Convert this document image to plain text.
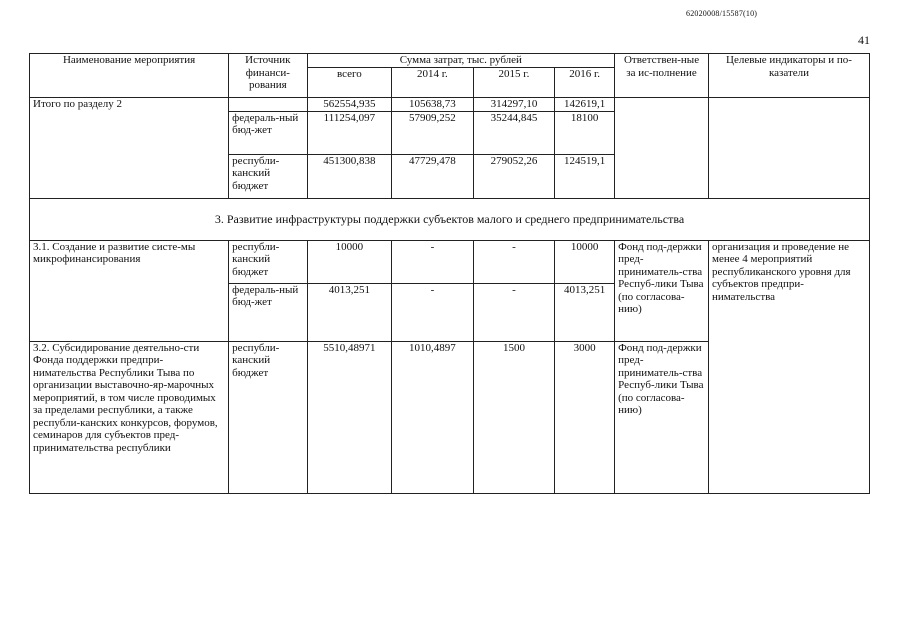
62020008/15587(10)
41
Наименование мероприятия	Источник финанси-рования	Сумма затрат, тыс. рублей				Ответствен-ные за ис-полнение	Целевые индикаторы и по-казатели
		всего	2014 г.	2015 г.	2016 г.		
Итого по разделу 2		562554,935	105638,73	314297,10	142619,1		
	федераль-ный бюд-жет	111254,097	57909,252	35244,845	18100		
	республи-канский бюджет	451300,838	47729,478	279052,26	124519,1		
3. Развитие инфраструктуры поддержки субъектов малого и среднего предпринимательства							
3.1. Создание и развитие систе-мы микрофинансирования	республи-канский бюджет	10000	-	-	10000	Фонд под-держки пред-приниматель-ства Респуб-лики Тыва (по согласова-нию)	организация и проведение не менее 4 мероприятий республиканского уровня для субъектов предпри-нимательства
	федераль-ный бюд-жет	4013,251	-	-	4013,251		
3.2. Субсидирование деятельно-сти Фонда поддержки предпри-нимательства Республики Тыва по организации выставочно-яр-марочных мероприятий, в том числе проводимых за пределами республики, а также республи-канских конкурсов, форумов, семинаров для субъектов пред-принимательства республики	республи-канский бюджет	5510,48971	1010,4897	1500	3000	Фонд под-держки пред-приниматель-ства Респуб-лики Тыва (по согласова-нию)	
